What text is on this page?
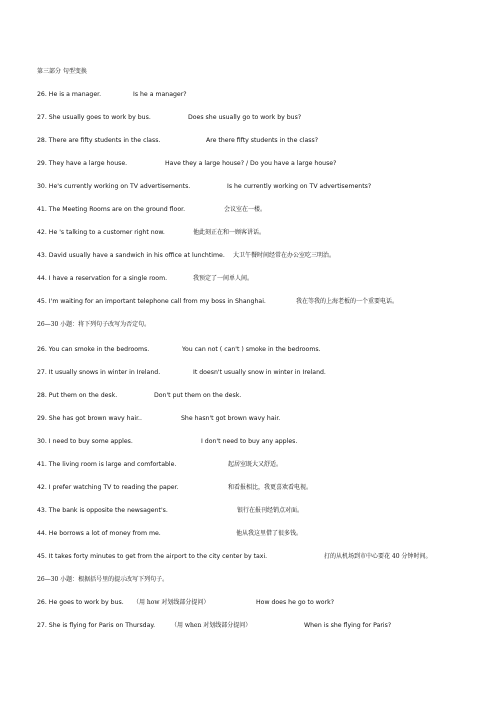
第三部分 句型变换
26. He is a manager.	Is he a manager?
27. She usually goes to work by bus.	Does she usually go to work by bus?
28. There are fifty students in the class.	Are there fifty students in the class?
29. They have a large house.	Have they a large house? / Do you have a large house?
30. He's currently working on TV advertisements.	Is he currently working on TV advertisements?
41. The Meeting Rooms are on the ground floor.	会议室在一楼。
42. He 's talking to a customer right now.	他此刻正在和一顾客讲话。
43. David usually have a sandwich in his office at lunchtime. 大卫午餐时间经常在办公室吃三明治。
44. I have a reservation for a single room.	我预定了一间单人间。
45. I'm waiting for an important telephone call from my boss in Shanghai.	我在等我的上海老板的一个重要电话。
26—30 小题：将下列句子改写为否定句。
26. You can smoke in the bedrooms.	You can not ( can't ) smoke in the bedrooms.
27. It usually snows in winter in Ireland.	It doesn't usually snow in winter in Ireland.
28. Put them on the desk.	Don't put them on the desk.
29. She has got brown wavy hair..	She hasn't got brown wavy hair.
30. I need to buy some apples.	I don't need to buy any apples.
41. The living room is large and comfortable.	起居室既大又舒适。
42. I prefer watching TV to reading the paper.	和看报相比，我更喜欢看电视。
43. The bank is opposite the newsagent's.	银行在报刊经销点对面。
44. He borrows a lot of money from me.	他从我这里借了很多钱。
45. It takes forty minutes to get from the airport to the city center by taxi.	打的从机场到市中心要花 40 分钟时间。
26—30 小题：根据括号里的提示改写下列句子。
26. He goes to work by bus. （用 how 对划线部分提问）	How does he go to work?
27. She is flying for Paris on Thursday.	（用 when 对划线部分提问）	When is she flying for Paris?
